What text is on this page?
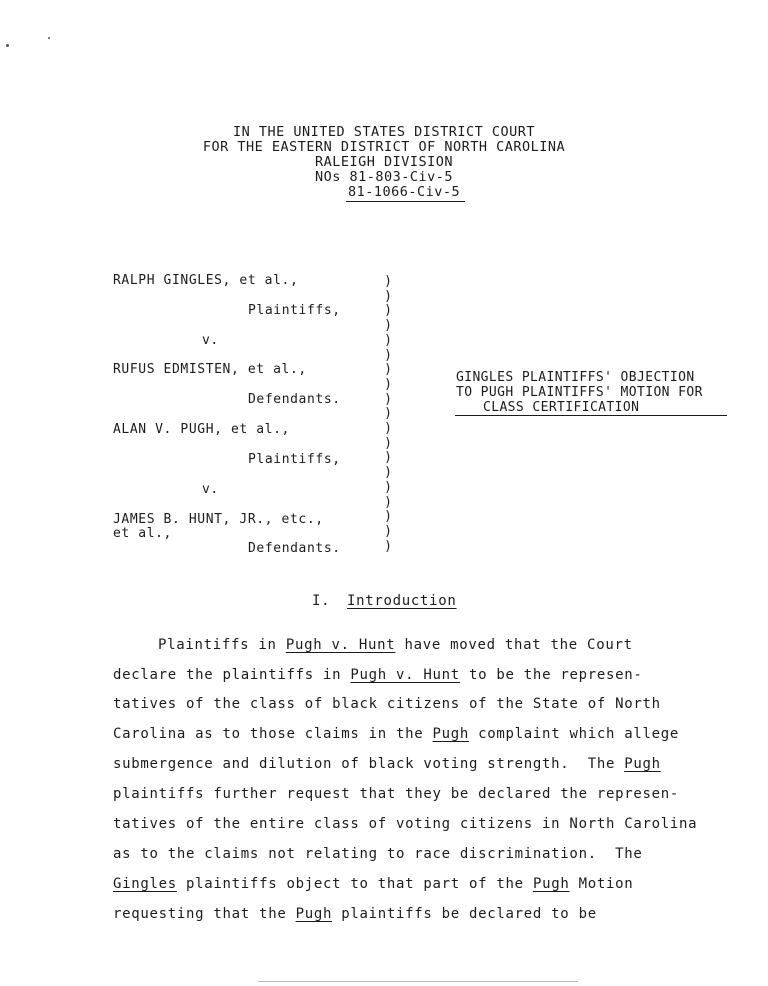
IN THE UNITED STATES DISTRICT COURT
FOR THE EASTERN DISTRICT OF NORTH CAROLINA
RALEIGH DIVISION
NOs 81-803-Civ-5
81-1066-Civ-5
RALPH GINGLES, et al.,
Plaintiffs,
v.
RUFUS EDMISTEN, et al.,
Defendants.
ALAN V. PUGH, et al.,
Plaintiffs,
v.
JAMES B. HUNT, JR., etc.,
et al.,
Defendants.
)
)
)
)
)
)
)
)
)
)
)
)
)
)
)
)
)
)
)
GINGLES PLAINTIFFS' OBJECTION
TO PUGH PLAINTIFFS' MOTION FOR
CLASS CERTIFICATION
I. Introduction
Plaintiffs in Pugh v. Hunt have moved that the Court
declare the plaintiffs in Pugh v. Hunt to be the represen-
tatives of the class of black citizens of the State of North
Carolina as to those claims in the Pugh complaint which allege
submergence and dilution of black voting strength.  The Pugh
plaintiffs further request that they be declared the represen-
tatives of the entire class of voting citizens in North Carolina
as to the claims not relating to race discrimination.  The
Gingles plaintiffs object to that part of the Pugh Motion
requesting that the Pugh plaintiffs be declared to be
